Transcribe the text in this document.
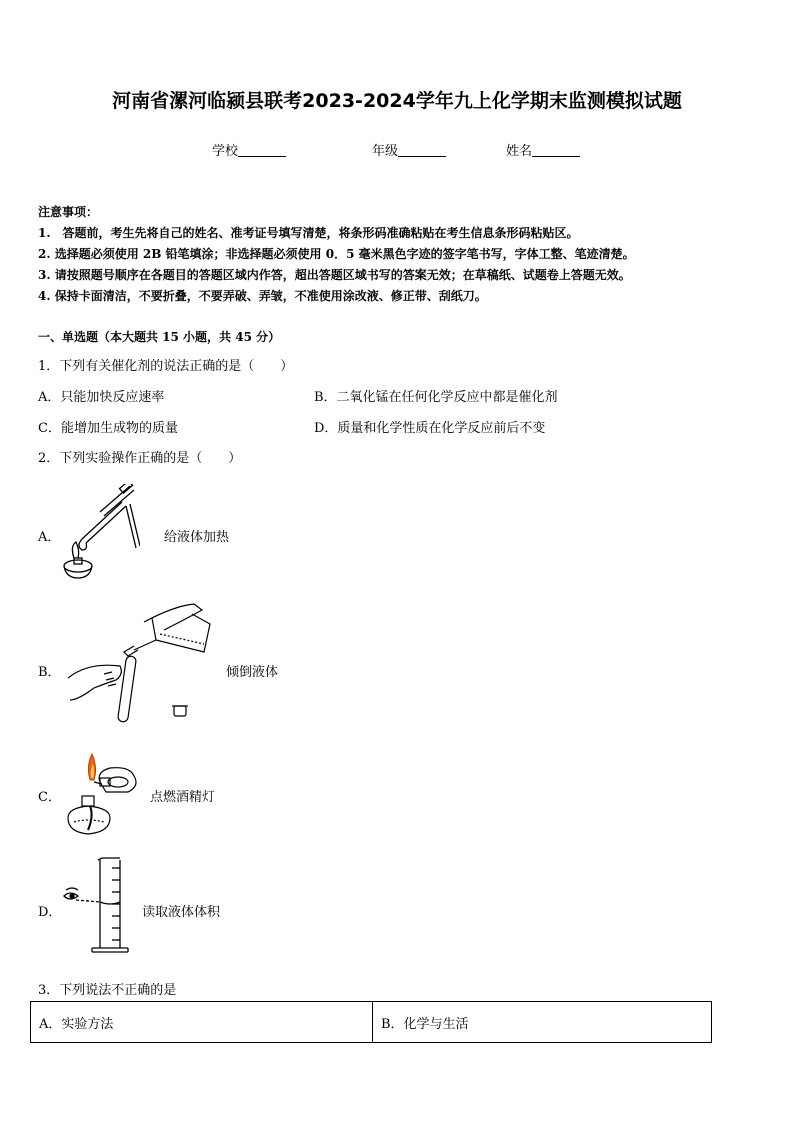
河南省漯河临颍县联考2023-2024学年九上化学期末监测模拟试题
学校	年级	姓名
注意事项：
1.　答题前，考生先将自己的姓名、准考证号填写清楚，将条形码准确粘贴在考生信息条形码粘贴区。
2. 选择题必须使用 2B 铅笔填涂；非选择题必须使用 0．5 毫米黑色字迹的签字笔书写，字体工整、笔迹清楚。
3. 请按照题号顺序在各题目的答题区域内作答，超出答题区域书写的答案无效；在草稿纸、试题卷上答题无效。
4. 保持卡面清洁，不要折叠，不要弄破、弄皱，不准使用涂改液、修正带、刮纸刀。
一、单选题（本大题共 15 小题，共 45 分）
1．下列有关催化剂的说法正确的是（　　）
A．只能加快反应速率	B．二氧化锰在任何化学反应中都是催化剂
C．能增加生成物的质量	D．质量和化学性质在化学反应前后不变
2．下列实验操作正确的是（　　）
A．	给液体加热
B．	倾倒液体
C．	点燃酒精灯
D．	读取液体体积
3．下列说法不正确的是
A．实验方法	B．化学与生活
